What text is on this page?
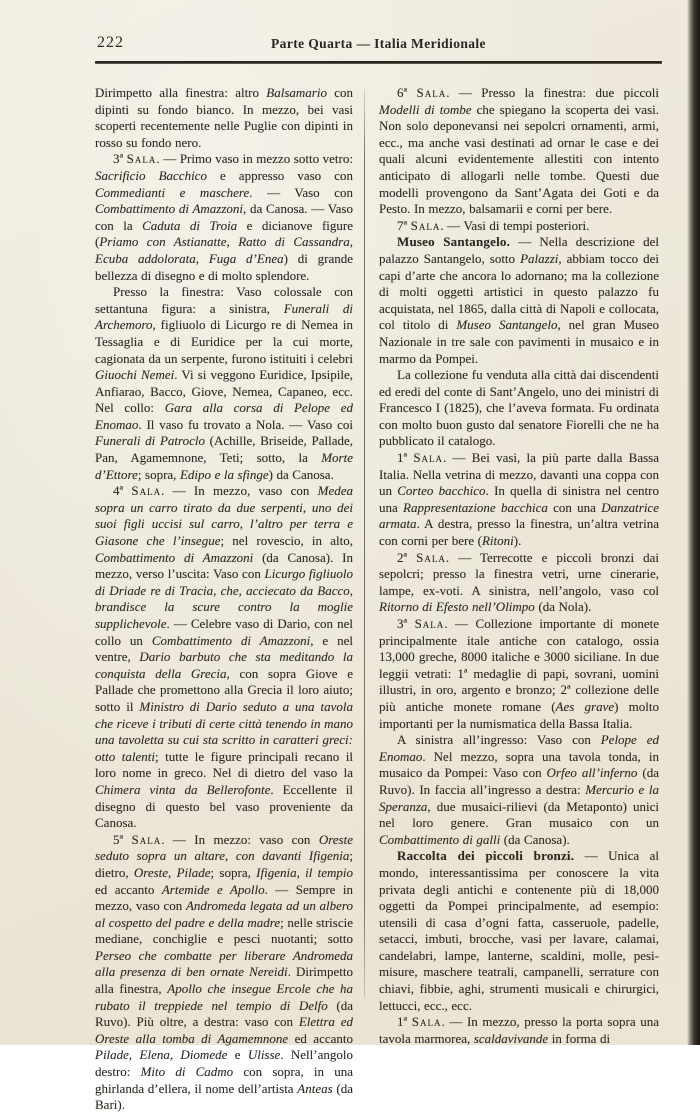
222	Parte Quarta — Italia Meridionale

Dirimpetto alla finestra: altro Balsamario con dipinti su fondo bianco. In mezzo, bei vasi scoperti recentemente nelle Puglie con dipinti in rosso su fondo nero.

3ª Sala. — Primo vaso in mezzo sotto vetro: Sacrificio Bacchico e appresso vaso con Commedianti e maschere. — Vaso con Combattimento di Amazzoni, da Canosa. — Vaso con la Caduta di Troia e dicianove figure (Priamo con Astianatte, Ratto di Cassandra, Ecuba addolorata, Fuga d’Enea) di grande bellezza di disegno e di molto splendore.

Presso la finestra: Vaso colossale con settantuna figura: a sinistra, Funerali di Archemoro, figliuolo di Licurgo re di Nemea in Tessaglia e di Euridice per la cui morte, cagionata da un serpente, furono istituiti i celebri Giuochi Nemei. Vi si veggono Euridice, Ipsipile, Anfiarao, Bacco, Giove, Nemea, Capaneo, ecc. Nel collo: Gara alla corsa di Pelope ed Enomao. Il vaso fu trovato a Nola. — Vaso coi Funerali di Patroclo (Achille, Briseide, Pallade, Pan, Agamemnone, Teti; sotto, la Morte d’Ettore; sopra, Edipo e la sfinge) da Canosa.

4ª Sala. — In mezzo, vaso con Medea sopra un carro tirato da due serpenti, uno dei suoi figli uccisi sul carro, l’altro per terra e Giasone che l’insegue; nel rovescio, in alto, Combattimento di Amazzoni (da Canosa). In mezzo, verso l’uscita: Vaso con Licurgo figliuolo di Driade re di Tracia, che, acciecato da Bacco, brandisce la scure contro la moglie supplichevole. — Celebre vaso di Dario, con nel collo un Combattimento di Amazzoni, e nel ventre, Dario barbuto che sta meditando la conquista della Grecia, con sopra Giove e Pallade che promettono alla Grecia il loro aiuto; sotto il Ministro di Dario seduto a una tavola che riceve i tributi di certe città tenendo in mano una tavoletta su cui sta scritto in caratteri greci: otto talenti; tutte le figure principali recano il loro nome in greco. Nel di dietro del vaso la Chimera vinta da Bellerofonte. Eccellente il disegno di questo bel vaso proveniente da Canosa.

5ª Sala. — In mezzo: vaso con Oreste seduto sopra un altare, con davanti Ifigenia; dietro, Oreste, Pilade; sopra, Ifigenia, il tempio ed accanto Artemide e Apollo. — Sempre in mezzo, vaso con Andromeda legata ad un albero al cospetto del padre e della madre; nelle striscie mediane, conchiglie e pesci nuotanti; sotto Perseo che combatte per liberare Andromeda alla presenza di ben ornate Nereidi. Dirimpetto alla finestra, Apollo che insegue Ercole che ha rubato il treppiede nel tempio di Delfo (da Ruvo). Più oltre, a destra: vaso con Elettra ed Oreste alla tomba di Agamemnone ed accanto Pilade, Elena, Diomede e Ulisse. Nell’angolo destro: Mito di Cadmo con sopra, in una ghirlanda d’ellera, il nome dell’artista Anteas (da Bari).

6ª Sala. — Presso la finestra: due piccoli Modelli di tombe che spiegano la scoperta dei vasi. Non solo deponevansi nei sepolcri ornamenti, armi, ecc., ma anche vasi destinati ad ornar le case e dei quali alcuni evidentemente allestiti con intento anticipato di allogarli nelle tombe. Questi due modelli provengono da Sant’Agata dei Goti e da Pesto. In mezzo, balsamarii e corni per bere.

7ª Sala. — Vasi di tempi posteriori.

Museo Santangelo. — Nella descrizione del palazzo Santangelo, sotto Palazzi, abbiam tocco dei capi d’arte che ancora lo adornano; ma la collezione di molti oggetti artistici in questo palazzo fu acquistata, nel 1865, dalla città di Napoli e collocata, col titolo di Museo Santangelo, nel gran Museo Nazionale in tre sale con pavimenti in musaico e in marmo da Pompei.

La collezione fu venduta alla città dai discendenti ed eredi del conte di Sant’Angelo, uno dei ministri di Francesco I (1825), che l’aveva formata. Fu ordinata con molto buon gusto dal senatore Fiorelli che ne ha pubblicato il catalogo.

1ª Sala. — Bei vasi, la più parte dalla Bassa Italia. Nella vetrina di mezzo, davanti una coppa con un Corteo bacchico. In quella di sinistra nel centro una Rappresentazione bacchica con una Danzatrice armata. A destra, presso la finestra, un’altra vetrina con corni per bere (Ritoni).

2ª Sala. — Terrecotte e piccoli bronzi dai sepolcri; presso la finestra vetri, urne cinerarie, lampe, ex-voti. A sinistra, nell’angolo, vaso col Ritorno di Efesto nell’Olimpo (da Nola).

3ª Sala. — Collezione importante di monete principalmente itale antiche con catalogo, ossia 13,000 greche, 8000 italiche e 3000 siciliane. In due leggii vetrati: 1ª medaglie di papi, sovrani, uomini illustri, in oro, argento e bronzo; 2ª collezione delle più antiche monete romane (Aes grave) molto importanti per la numismatica della Bassa Italia.

A sinistra all’ingresso: Vaso con Pelope ed Enomao. Nel mezzo, sopra una tavola tonda, in musaico da Pompei: Vaso con Orfeo all’inferno (da Ruvo). In faccia all’ingresso a destra: Mercurio e la Speranza, due musaici-rilievi (da Metaponto) unici nel loro genere. Gran musaico con un Combattimento di galli (da Canosa).

Raccolta dei piccoli bronzi. — Unica al mondo, interessantissima per conoscere la vita privata degli antichi e contenente più di 18,000 oggetti da Pompei principalmente, ad esempio: utensili di casa d’ogni fatta, casseruole, padelle, setacci, imbuti, brocche, vasi per lavare, calamai, candelabri, lampe, lanterne, scaldini, molle, pesi-misure, maschere teatrali, campanelli, serrature con chiavi, fibbie, aghi, strumenti musicali e chirurgici, lettucci, ecc., ecc.

1ª Sala. — In mezzo, presso la porta sopra una tavola marmorea, scaldavivande in forma di
